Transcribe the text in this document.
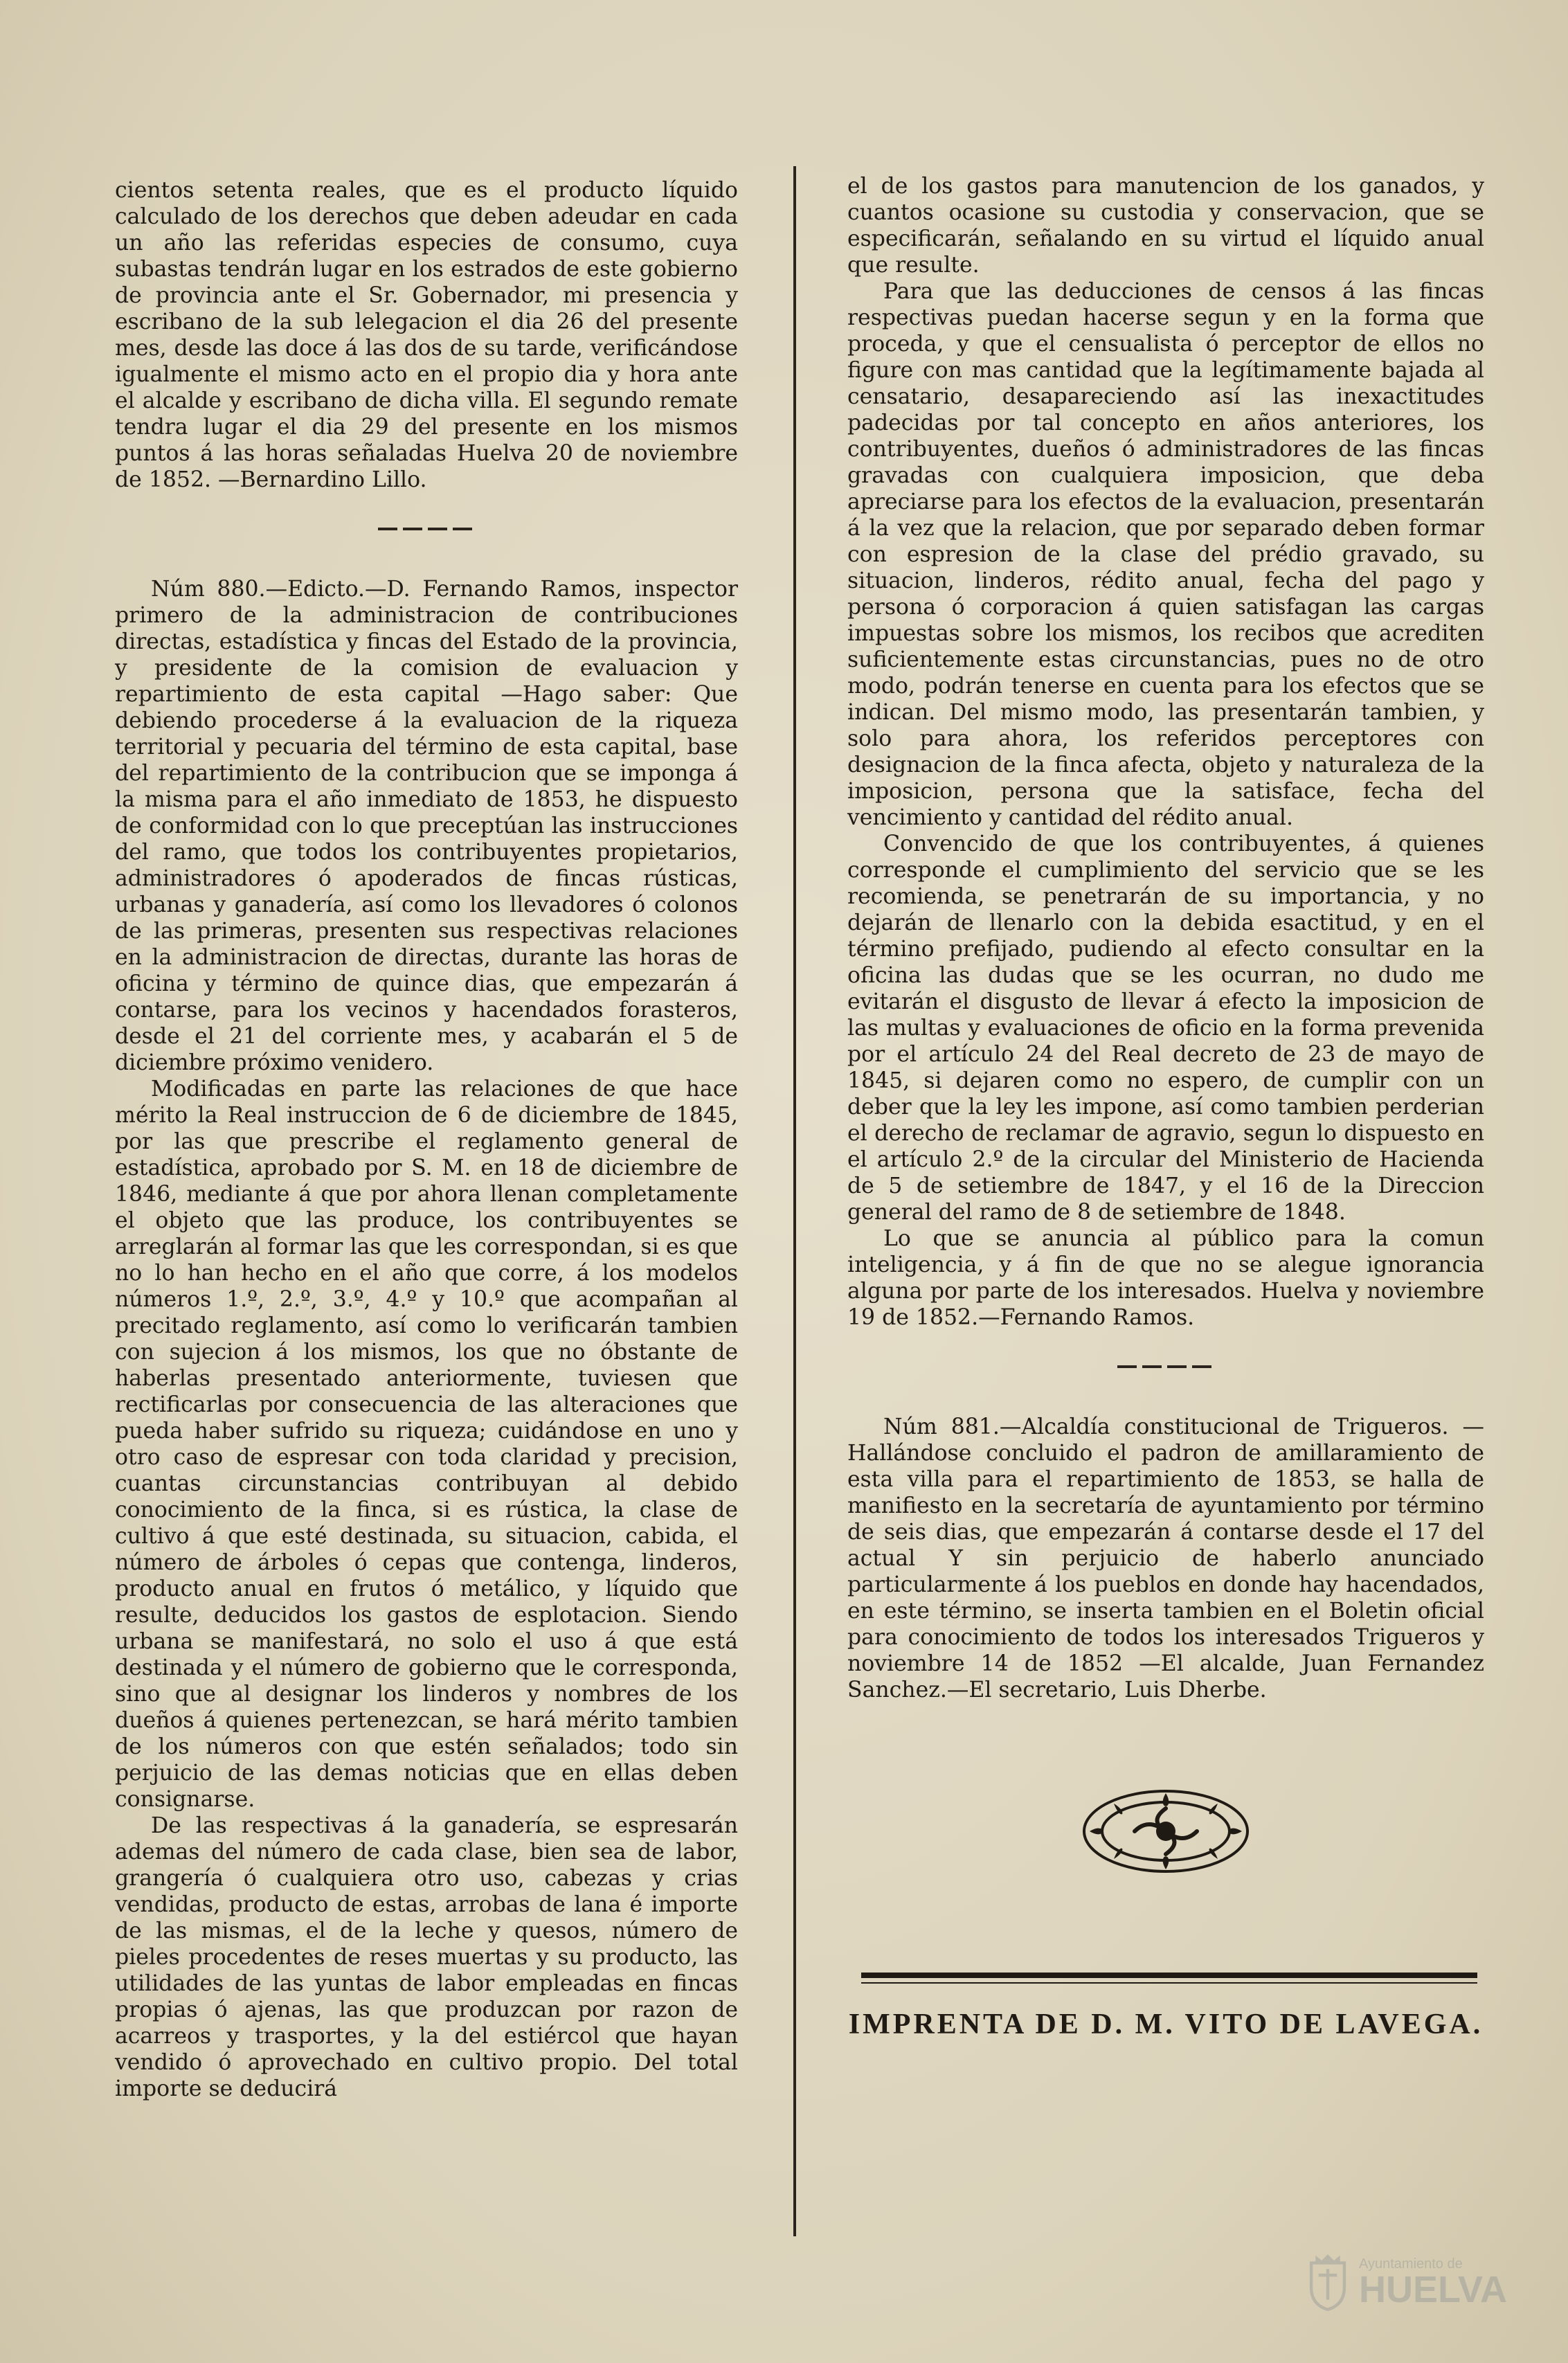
cientos setenta reales, que es el producto líquido calculado de los derechos que deben adeudar en cada un año las referidas especies de consumo, cuya subastas tendrán lugar en los estrados de este gobierno de provincia ante el Sr. Gobernador, mi presencia y escribano de la sub lelegacion el dia 26 del presente mes, desde las doce á las dos de su tarde, verificándose igualmente el mismo acto en el propio dia y hora ante el alcalde y escribano de dicha villa. El segundo remate tendra lugar el dia 29 del presente en los mismos puntos á las horas señaladas Huelva 20 de noviembre de 1852. —Bernardino Lillo.

Núm 880.—Edicto.—D. Fernando Ramos, inspector primero de la administracion de contribuciones directas, estadística y fincas del Estado de la provincia, y presidente de la comision de evaluacion y repartimiento de esta capital —Hago saber: Que debiendo procederse á la evaluacion de la riqueza territorial y pecuaria del término de esta capital, base del repartimiento de la contribucion que se imponga á la misma para el año inmediato de 1853, he dispuesto de conformidad con lo que preceptúan las instrucciones del ramo, que todos los contribuyentes propietarios, administradores ó apoderados de fincas rústicas, urbanas y ganadería, así como los llevadores ó colonos de las primeras, presenten sus respectivas relaciones en la administracion de directas, durante las horas de oficina y término de quince dias, que empezarán á contarse, para los vecinos y hacendados forasteros, desde el 21 del corriente mes, y acabarán el 5 de diciembre próximo venidero.

Modificadas en parte las relaciones de que hace mérito la Real instruccion de 6 de diciembre de 1845, por las que prescribe el reglamento general de estadística, aprobado por S. M. en 18 de diciembre de 1846, mediante á que por ahora llenan completamente el objeto que las produce, los contribuyentes se arreglarán al formar las que les correspondan, si es que no lo han hecho en el año que corre, á los modelos números 1.º, 2.º, 3.º, 4.º y 10.º que acompañan al precitado reglamento, así como lo verificarán tambien con sujecion á los mismos, los que no óbstante de haberlas presentado anteriormente, tuviesen que rectificarlas por consecuencia de las alteraciones que pueda haber sufrido su riqueza; cuidándose en uno y otro caso de espresar con toda claridad y precision, cuantas circunstancias contribuyan al debido conocimiento de la finca, si es rústica, la clase de cultivo á que esté destinada, su situacion, cabida, el número de árboles ó cepas que contenga, linderos, producto anual en frutos ó metálico, y líquido que resulte, deducidos los gastos de esplotacion. Siendo urbana se manifestará, no solo el uso á que está destinada y el número de gobierno que le corresponda, sino que al designar los linderos y nombres de los dueños á quienes pertenezcan, se hará mérito tambien de los números con que estén señalados; todo sin perjuicio de las demas noticias que en ellas deben consignarse.

De las respectivas á la ganadería, se espresarán ademas del número de cada clase, bien sea de labor, grangería ó cualquiera otro uso, cabezas y crias vendidas, producto de estas, arrobas de lana é importe de las mismas, el de la leche y quesos, número de pieles procedentes de reses muertas y su producto, las utilidades de las yuntas de labor empleadas en fincas propias ó ajenas, las que produzcan por razon de acarreos y trasportes, y la del estiércol que hayan vendido ó aprovechado en cultivo propio. Del total importe se deducirá

el de los gastos para manutencion de los ganados, y cuantos ocasione su custodia y conservacion, que se especificarán, señalando en su virtud el líquido anual que resulte.

Para que las deducciones de censos á las fincas respectivas puedan hacerse segun y en la forma que proceda, y que el censualista ó perceptor de ellos no figure con mas cantidad que la legítimamente bajada al censatario, desapareciendo así las inexactitudes padecidas por tal concepto en años anteriores, los contribuyentes, dueños ó administradores de las fincas gravadas con cualquiera imposicion, que deba apreciarse para los efectos de la evaluacion, presentarán á la vez que la relacion, que por separado deben formar con espresion de la clase del prédio gravado, su situacion, linderos, rédito anual, fecha del pago y persona ó corporacion á quien satisfagan las cargas impuestas sobre los mismos, los recibos que acrediten suficientemente estas circunstancias, pues no de otro modo, podrán tenerse en cuenta para los efectos que se indican. Del mismo modo, las presentarán tambien, y solo para ahora, los referidos perceptores con designacion de la finca afecta, objeto y naturaleza de la imposicion, persona que la satisface, fecha del vencimiento y cantidad del rédito anual.

Convencido de que los contribuyentes, á quienes corresponde el cumplimiento del servicio que se les recomienda, se penetrarán de su importancia, y no dejarán de llenarlo con la debida esactitud, y en el término prefijado, pudiendo al efecto consultar en la oficina las dudas que se les ocurran, no dudo me evitarán el disgusto de llevar á efecto la imposicion de las multas y evaluaciones de oficio en la forma prevenida por el artículo 24 del Real decreto de 23 de mayo de 1845, si dejaren como no espero, de cumplir con un deber que la ley les impone, así como tambien perderian el derecho de reclamar de agravio, segun lo dispuesto en el artículo 2.º de la circular del Ministerio de Hacienda de 5 de setiembre de 1847, y el 16 de la Direccion general del ramo de 8 de setiembre de 1848.

Lo que se anuncia al público para la comun inteligencia, y á fin de que no se alegue ignorancia alguna por parte de los interesados. Huelva y noviembre 19 de 1852.—Fernando Ramos.

Núm 881.—Alcaldía constitucional de Trigueros. —Hallándose concluido el padron de amillaramiento de esta villa para el repartimiento de 1853, se halla de manifiesto en la secretaría de ayuntamiento por término de seis dias, que empezarán á contarse desde el 17 del actual Y sin perjuicio de haberlo anunciado particularmente á los pueblos en donde hay hacendados, en este término, se inserta tambien en el Boletin oficial para conocimiento de todos los interesados Trigueros y noviembre 14 de 1852 —El alcalde, Juan Fernandez Sanchez.—El secretario, Luis Dherbe.

IMPRENTA DE D. M. VITO DE LAVEGA.
Ayuntamiento de
HUELVA
